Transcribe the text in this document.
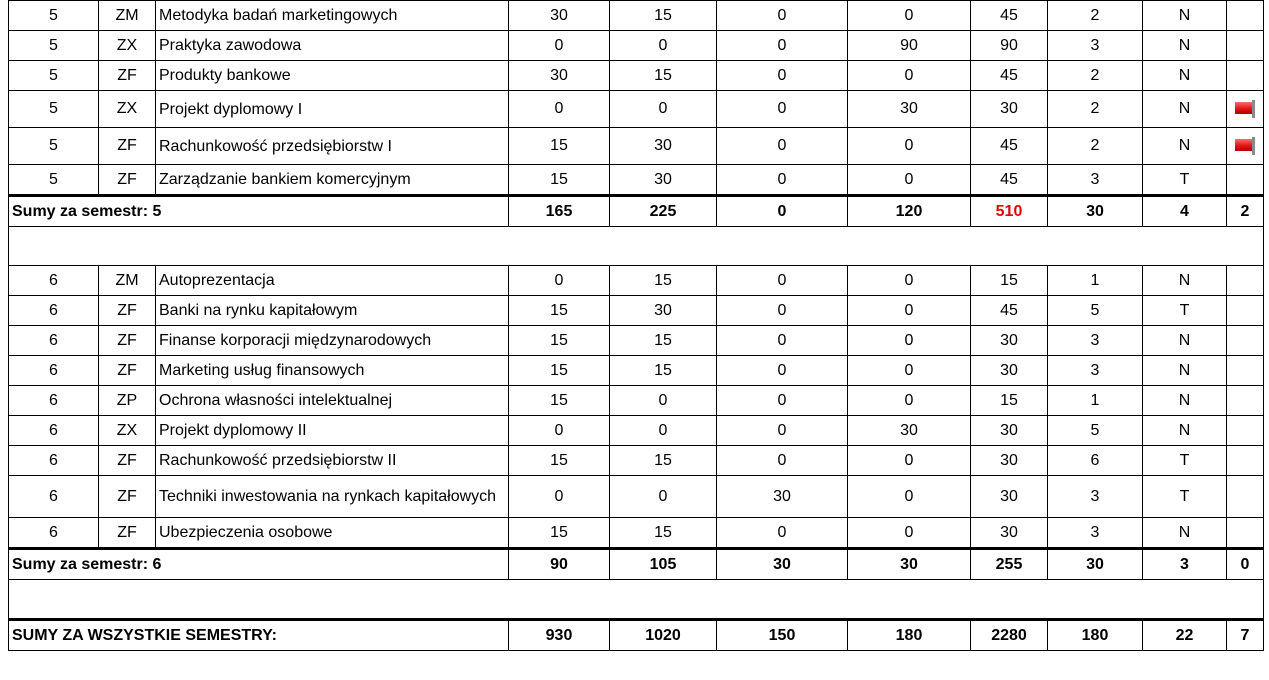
5	ZM	Metodyka badań marketingowych	30	15	0	0	45	2	N	
5	ZX	Praktyka zawodowa	0	0	0	90	90	3	N	
5	ZF	Produkty bankowe	30	15	0	0	45	2	N	
5	ZX	Projekt dyplomowy I	0	0	0	30	30	2	N	

5	ZF	Rachunkowość przedsiębiorstw I	15	30	0	0	45	2	N	

5	ZF	Zarządzanie bankiem komercyjnym	15	30	0	0	45	3	T	
Sumy za semestr: 5			165	225	0	120	510	30	4	2

6	ZM	Autoprezentacja	0	15	0	0	15	1	N	
6	ZF	Banki na rynku kapitałowym	15	30	0	0	45	5	T	
6	ZF	Finanse korporacji międzynarodowych	15	15	0	0	30	3	N	
6	ZF	Marketing usług finansowych	15	15	0	0	30	3	N	
6	ZP	Ochrona własności intelektualnej	15	0	0	0	15	1	N	
6	ZX	Projekt dyplomowy II	0	0	0	30	30	5	N	
6	ZF	Rachunkowość przedsiębiorstw II	15	15	0	0	30	6	T	
6	ZF	Techniki inwestowania na rynkach kapitałowych	0	0	30	0	30	3	T	
6	ZF	Ubezpieczenia osobowe	15	15	0	0	30	3	N	
Sumy za semestr: 6			90	105	30	30	255	30	3	0

SUMY ZA WSZYSTKIE SEMESTRY:			930	1020	150	180	2280	180	22	7
